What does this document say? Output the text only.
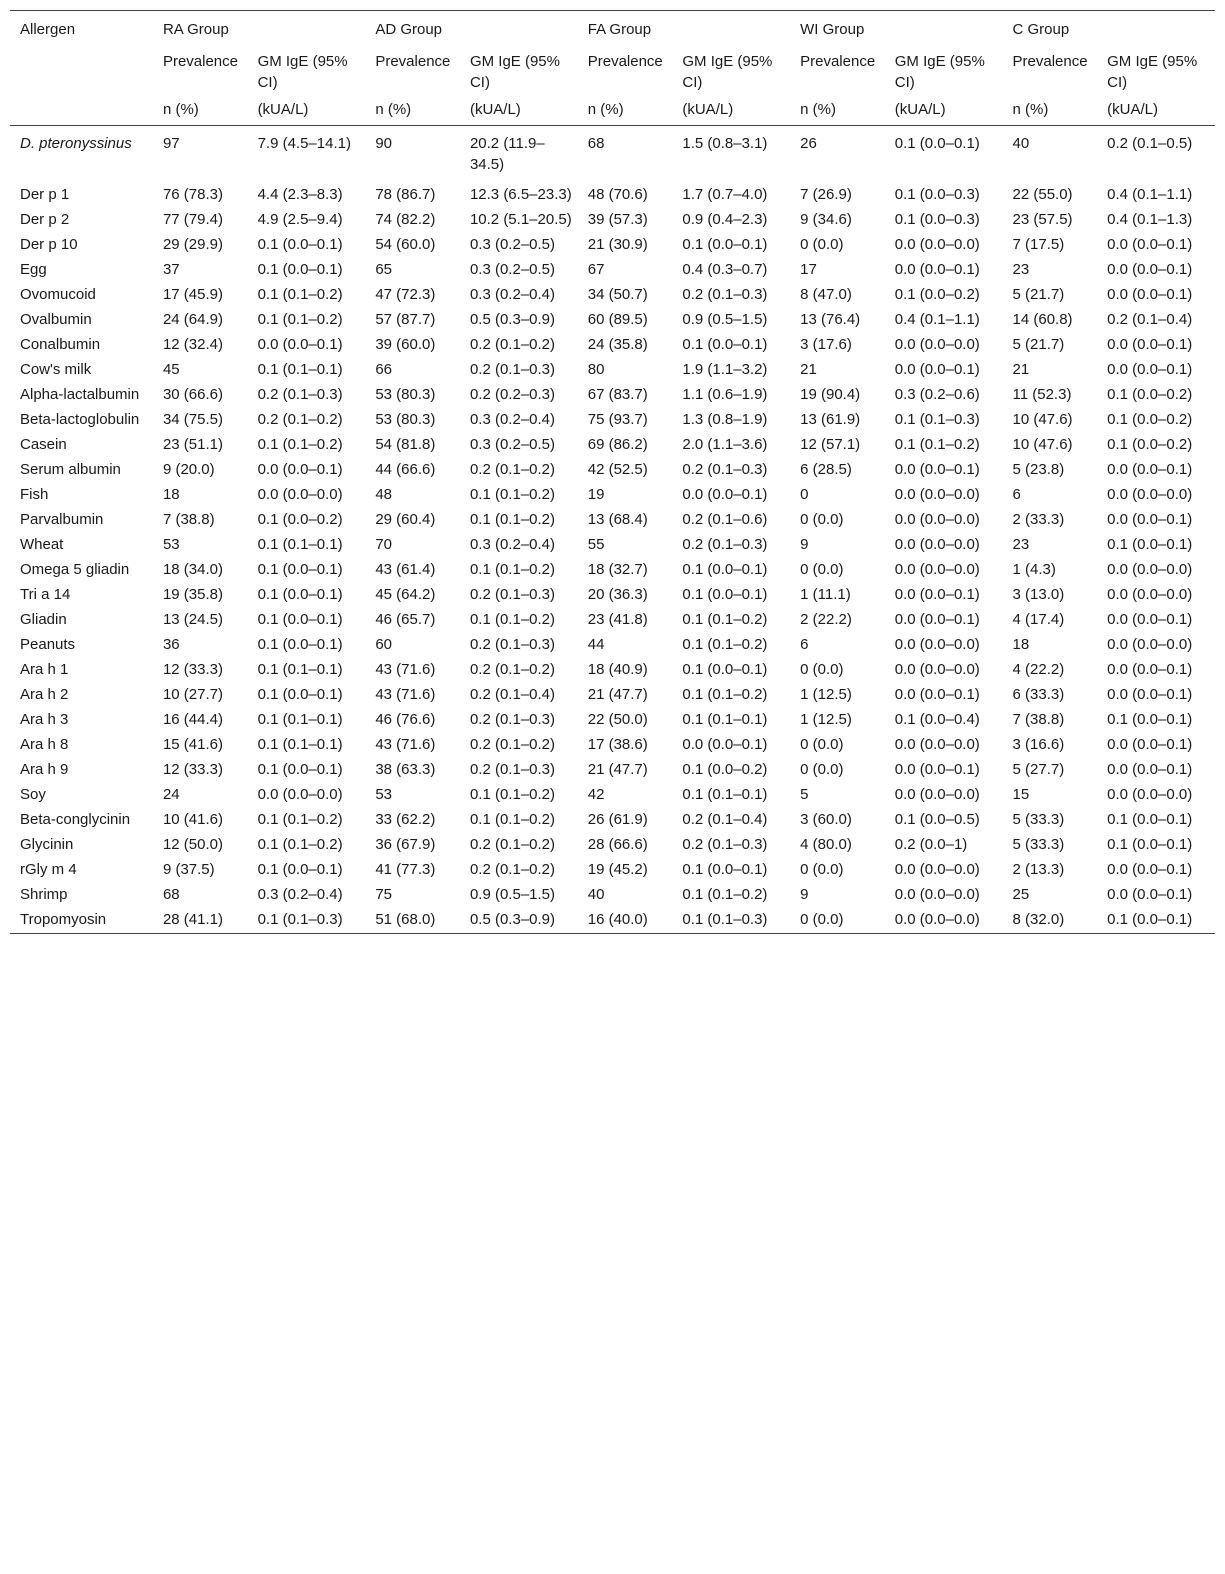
Allergen	RA Group		AD Group		FA Group		WI Group		C Group	
	Prevalence	GM IgE (95% CI)	Prevalence	GM IgE (95% CI)	Prevalence	GM IgE (95% CI)	Prevalence	GM IgE (95% CI)	Prevalence	GM IgE (95% CI)
	n (%)	(kUA/L)	n (%)	(kUA/L)	n (%)	(kUA/L)	n (%)	(kUA/L)	n (%)	(kUA/L)
D. pteronyssinus	97	7.9 (4.5–14.1)	90	20.2 (11.9–34.5)	68	1.5 (0.8–3.1)	26	0.1 (0.0–0.1)	40	0.2 (0.1–0.5)
Der p 1	76 (78.3)	4.4 (2.3–8.3)	78 (86.7)	12.3 (6.5–23.3)	48 (70.6)	1.7 (0.7–4.0)	7 (26.9)	0.1 (0.0–0.3)	22 (55.0)	0.4 (0.1–1.1)
Der p 2	77 (79.4)	4.9 (2.5–9.4)	74 (82.2)	10.2 (5.1–20.5)	39 (57.3)	0.9 (0.4–2.3)	9 (34.6)	0.1 (0.0–0.3)	23 (57.5)	0.4 (0.1–1.3)
Der p 10	29 (29.9)	0.1 (0.0–0.1)	54 (60.0)	0.3 (0.2–0.5)	21 (30.9)	0.1 (0.0–0.1)	0 (0.0)	0.0 (0.0–0.0)	7 (17.5)	0.0 (0.0–0.1)
Egg	37	0.1 (0.0–0.1)	65	0.3 (0.2–0.5)	67	0.4 (0.3–0.7)	17	0.0 (0.0–0.1)	23	0.0 (0.0–0.1)
Ovomucoid	17 (45.9)	0.1 (0.1–0.2)	47 (72.3)	0.3 (0.2–0.4)	34 (50.7)	0.2 (0.1–0.3)	8 (47.0)	0.1 (0.0–0.2)	5 (21.7)	0.0 (0.0–0.1)
Ovalbumin	24 (64.9)	0.1 (0.1–0.2)	57 (87.7)	0.5 (0.3–0.9)	60 (89.5)	0.9 (0.5–1.5)	13 (76.4)	0.4 (0.1–1.1)	14 (60.8)	0.2 (0.1–0.4)
Conalbumin	12 (32.4)	0.0 (0.0–0.1)	39 (60.0)	0.2 (0.1–0.2)	24 (35.8)	0.1 (0.0–0.1)	3 (17.6)	0.0 (0.0–0.0)	5 (21.7)	0.0 (0.0–0.1)
Cow's milk	45	0.1 (0.1–0.1)	66	0.2 (0.1–0.3)	80	1.9 (1.1–3.2)	21	0.0 (0.0–0.1)	21	0.0 (0.0–0.1)
Alpha-lactalbumin	30 (66.6)	0.2 (0.1–0.3)	53 (80.3)	0.2 (0.2–0.3)	67 (83.7)	1.1 (0.6–1.9)	19 (90.4)	0.3 (0.2–0.6)	11 (52.3)	0.1 (0.0–0.2)
Beta-lactoglobulin	34 (75.5)	0.2 (0.1–0.2)	53 (80.3)	0.3 (0.2–0.4)	75 (93.7)	1.3 (0.8–1.9)	13 (61.9)	0.1 (0.1–0.3)	10 (47.6)	0.1 (0.0–0.2)
Casein	23 (51.1)	0.1 (0.1–0.2)	54 (81.8)	0.3 (0.2–0.5)	69 (86.2)	2.0 (1.1–3.6)	12 (57.1)	0.1 (0.1–0.2)	10 (47.6)	0.1 (0.0–0.2)
Serum albumin	9 (20.0)	0.0 (0.0–0.1)	44 (66.6)	0.2 (0.1–0.2)	42 (52.5)	0.2 (0.1–0.3)	6 (28.5)	0.0 (0.0–0.1)	5 (23.8)	0.0 (0.0–0.1)
Fish	18	0.0 (0.0–0.0)	48	0.1 (0.1–0.2)	19	0.0 (0.0–0.1)	0	0.0 (0.0–0.0)	6	0.0 (0.0–0.0)
Parvalbumin	7 (38.8)	0.1 (0.0–0.2)	29 (60.4)	0.1 (0.1–0.2)	13 (68.4)	0.2 (0.1–0.6)	0 (0.0)	0.0 (0.0–0.0)	2 (33.3)	0.0 (0.0–0.1)
Wheat	53	0.1 (0.1–0.1)	70	0.3 (0.2–0.4)	55	0.2 (0.1–0.3)	9	0.0 (0.0–0.0)	23	0.1 (0.0–0.1)
Omega 5 gliadin	18 (34.0)	0.1 (0.0–0.1)	43 (61.4)	0.1 (0.1–0.2)	18 (32.7)	0.1 (0.0–0.1)	0 (0.0)	0.0 (0.0–0.0)	1 (4.3)	0.0 (0.0–0.0)
Tri a 14	19 (35.8)	0.1 (0.0–0.1)	45 (64.2)	0.2 (0.1–0.3)	20 (36.3)	0.1 (0.0–0.1)	1 (11.1)	0.0 (0.0–0.1)	3 (13.0)	0.0 (0.0–0.0)
Gliadin	13 (24.5)	0.1 (0.0–0.1)	46 (65.7)	0.1 (0.1–0.2)	23 (41.8)	0.1 (0.1–0.2)	2 (22.2)	0.0 (0.0–0.1)	4 (17.4)	0.0 (0.0–0.1)
Peanuts	36	0.1 (0.0–0.1)	60	0.2 (0.1–0.3)	44	0.1 (0.1–0.2)	6	0.0 (0.0–0.0)	18	0.0 (0.0–0.0)
Ara h 1	12 (33.3)	0.1 (0.1–0.1)	43 (71.6)	0.2 (0.1–0.2)	18 (40.9)	0.1 (0.0–0.1)	0 (0.0)	0.0 (0.0–0.0)	4 (22.2)	0.0 (0.0–0.1)
Ara h 2	10 (27.7)	0.1 (0.0–0.1)	43 (71.6)	0.2 (0.1–0.4)	21 (47.7)	0.1 (0.1–0.2)	1 (12.5)	0.0 (0.0–0.1)	6 (33.3)	0.0 (0.0–0.1)
Ara h 3	16 (44.4)	0.1 (0.1–0.1)	46 (76.6)	0.2 (0.1–0.3)	22 (50.0)	0.1 (0.1–0.1)	1 (12.5)	0.1 (0.0–0.4)	7 (38.8)	0.1 (0.0–0.1)
Ara h 8	15 (41.6)	0.1 (0.1–0.1)	43 (71.6)	0.2 (0.1–0.2)	17 (38.6)	0.0 (0.0–0.1)	0 (0.0)	0.0 (0.0–0.0)	3 (16.6)	0.0 (0.0–0.1)
Ara h 9	12 (33.3)	0.1 (0.0–0.1)	38 (63.3)	0.2 (0.1–0.3)	21 (47.7)	0.1 (0.0–0.2)	0 (0.0)	0.0 (0.0–0.1)	5 (27.7)	0.0 (0.0–0.1)
Soy	24	0.0 (0.0–0.0)	53	0.1 (0.1–0.2)	42	0.1 (0.1–0.1)	5	0.0 (0.0–0.0)	15	0.0 (0.0–0.0)
Beta-conglycinin	10 (41.6)	0.1 (0.1–0.2)	33 (62.2)	0.1 (0.1–0.2)	26 (61.9)	0.2 (0.1–0.4)	3 (60.0)	0.1 (0.0–0.5)	5 (33.3)	0.1 (0.0–0.1)
Glycinin	12 (50.0)	0.1 (0.1–0.2)	36 (67.9)	0.2 (0.1–0.2)	28 (66.6)	0.2 (0.1–0.3)	4 (80.0)	0.2 (0.0–1)	5 (33.3)	0.1 (0.0–0.1)
rGly m 4	9 (37.5)	0.1 (0.0–0.1)	41 (77.3)	0.2 (0.1–0.2)	19 (45.2)	0.1 (0.0–0.1)	0 (0.0)	0.0 (0.0–0.0)	2 (13.3)	0.0 (0.0–0.1)
Shrimp	68	0.3 (0.2–0.4)	75	0.9 (0.5–1.5)	40	0.1 (0.1–0.2)	9	0.0 (0.0–0.0)	25	0.0 (0.0–0.1)
Tropomyosin	28 (41.1)	0.1 (0.1–0.3)	51 (68.0)	0.5 (0.3–0.9)	16 (40.0)	0.1 (0.1–0.3)	0 (0.0)	0.0 (0.0–0.0)	8 (32.0)	0.1 (0.0–0.1)
